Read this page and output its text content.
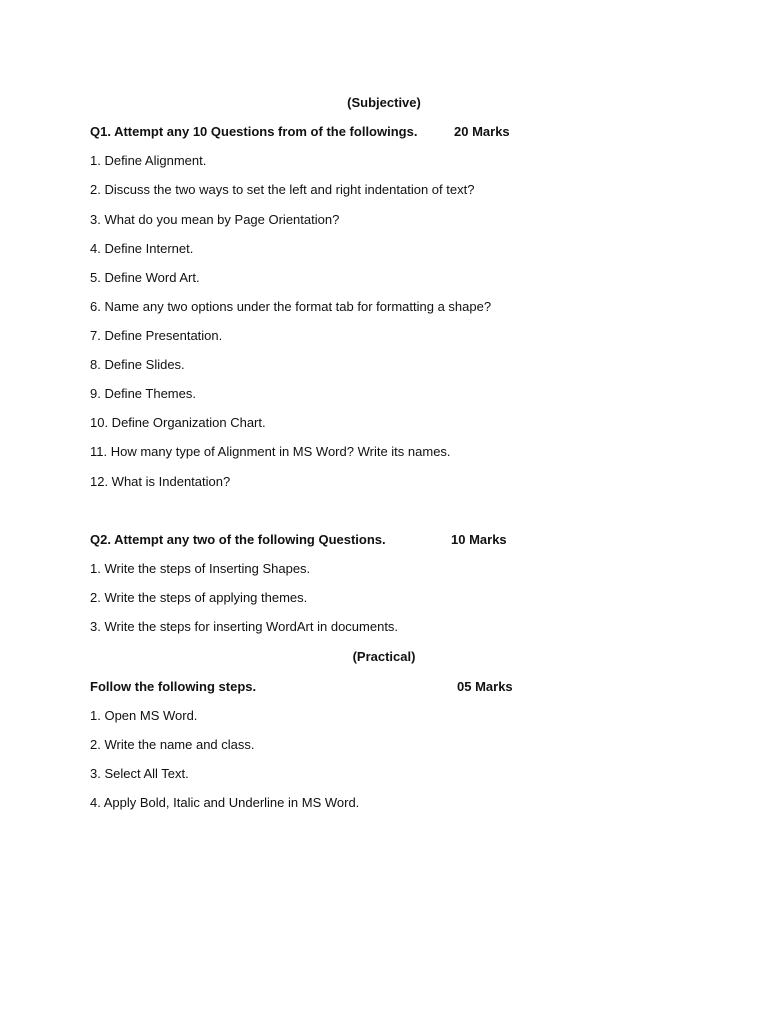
(Subjective)
Q1. Attempt any 10 Questions from of the followings.	20 Marks
1. Define Alignment.
2. Discuss the two ways to set the left and right indentation of text?
3. What do you mean by Page Orientation?
4. Define Internet.
5. Define Word Art.
6. Name any two options under the format tab for formatting a shape?
7. Define Presentation.
8. Define Slides.
9. Define Themes.
10. Define Organization Chart.
11. How many type of Alignment in MS Word? Write its names.
12. What is Indentation?
Q2. Attempt any two of the following Questions.	10 Marks
1. Write the steps of Inserting Shapes.
2. Write the steps of applying themes.
3. Write the steps for inserting WordArt in documents.
(Practical)
Follow the following steps.	05 Marks
1. Open MS Word.
2. Write the name and class.
3. Select All Text.
4. Apply Bold, Italic and Underline in MS Word.
